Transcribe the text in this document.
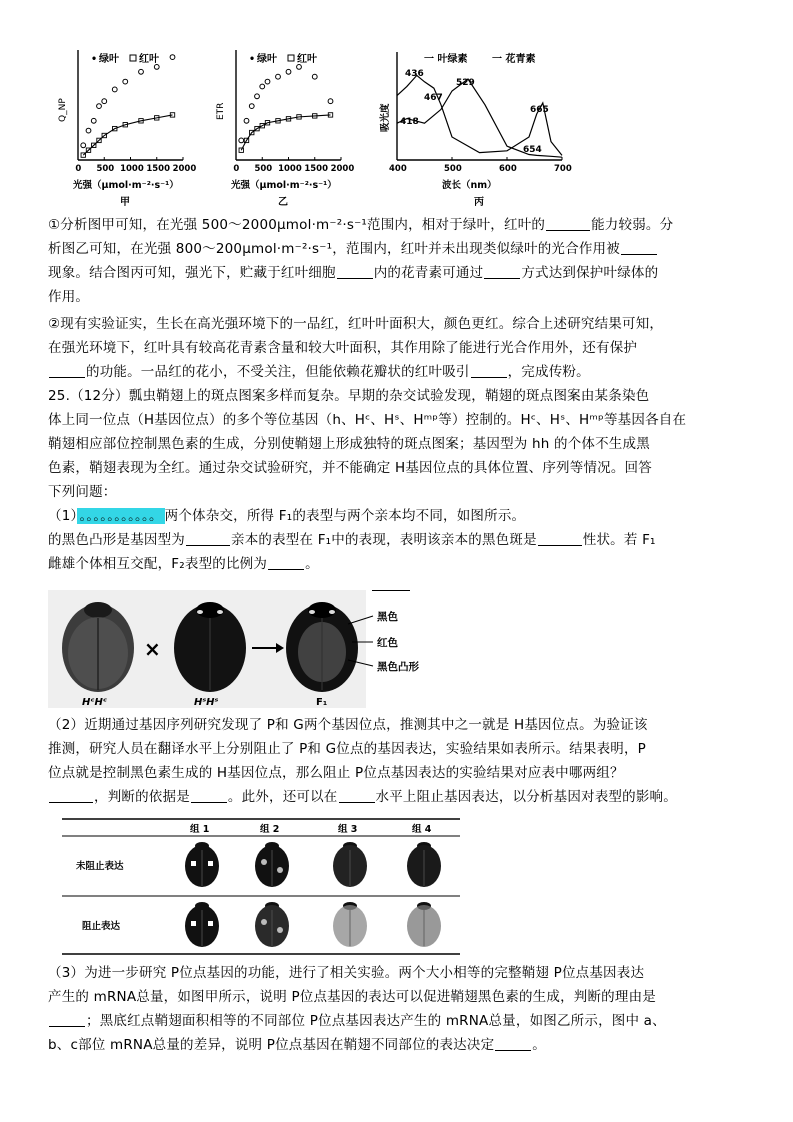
• 绿叶 红叶
Q_NP
0 500 1000 1500 2000
光强（μmol·m⁻²·s⁻¹）
甲
• 绿叶 红叶
ETR
0 500 1000 1500 2000
光强（μmol·m⁻²·s⁻¹）
乙
一 叶绿素 一 花青素
吸光度
400	500	600	700
436
467
529
418
665
654
波长（nm）
丙

①分析图甲可知，在光强 500～2000μmol·m⁻²·s⁻¹范围内，相对于绿叶，红叶的	能力较弱。分

析图乙可知，在光强 800～200μmol·m⁻²·s⁻¹，范围内，红叶并未出现类似绿叶的光合作用被

现象。结合图丙可知，强光下，贮藏于红叶细胞	内的花青素可通过	方式达到保护叶绿体的

作用。

②现有实验证实，生长在高光强环境下的一品红，红叶叶面积大，颜色更红。综合上述研究结果可知，

在强光环境下，红叶具有较高花青素含量和较大叶面积，其作用除了能进行光合作用外，还有保护

的功能。一品红的花小，不受关注，但能依赖花瓣状的红叶吸引	，完成传粉。

25.（12分）瓢虫鞘翅上的斑点图案多样而复杂。早期的杂交试验发现，鞘翅的斑点图案由某条染色

体上同一位点（H基因位点）的多个等位基因（h、Hᶜ、Hˢ、Hᵐᵖ等）控制的。Hᶜ、Hˢ、Hᵐᵖ等基因各自在

鞘翅相应部位控制黑色素的生成，分别使鞘翅上形成独特的斑点图案；基因型为 hh 的个体不生成黑

色素，鞘翅表现为全红。通过杂交试验研究，并不能确定 H基因位点的具体位置、序列等情况。回答

下列问题：

（1） 。。。。。。。。。。。 两个体杂交，所得 F₁的表型与两个亲本均不同，如图所示。

的黑色凸形是基因型为	亲本的表型在 F₁中的表现，表明该亲本的黑色斑是	性状。若 F₁

雌雄个体相互交配，F₂表型的比例为	。

×
黑色
红色
黑色凸形
HᶜHᶜ	HˢHˢ	F₁

（2）近期通过基因序列研究发现了 P和 G两个基因位点，推测其中之一就是 H基因位点。为验证该

推测，研究人员在翻译水平上分别阻止了 P和 G位点的基因表达，实验结果如表所示。结果表明，P

位点就是控制黑色素生成的 H基因位点，那么阻止 P位点基因表达的实验结果对应表中哪两组？

，判断的依据是	。此外，还可以在	水平上阻止基因表达，以分析基因对表型的影响。

组 1	组 2	组 3	组 4
未阻止表达
阻止表达

（3）为进一步研究 P位点基因的功能，进行了相关实验。两个大小相等的完整鞘翅 P位点基因表达

产生的 mRNA总量，如图甲所示，说明 P位点基因的表达可以促进鞘翅黑色素的生成，判断的理由是

；黑底红点鞘翅面积相等的不同部位 P位点基因表达产生的 mRNA总量，如图乙所示，图中 a、

b、c部位 mRNA总量的差异，说明 P位点基因在鞘翅不同部位的表达决定	。
